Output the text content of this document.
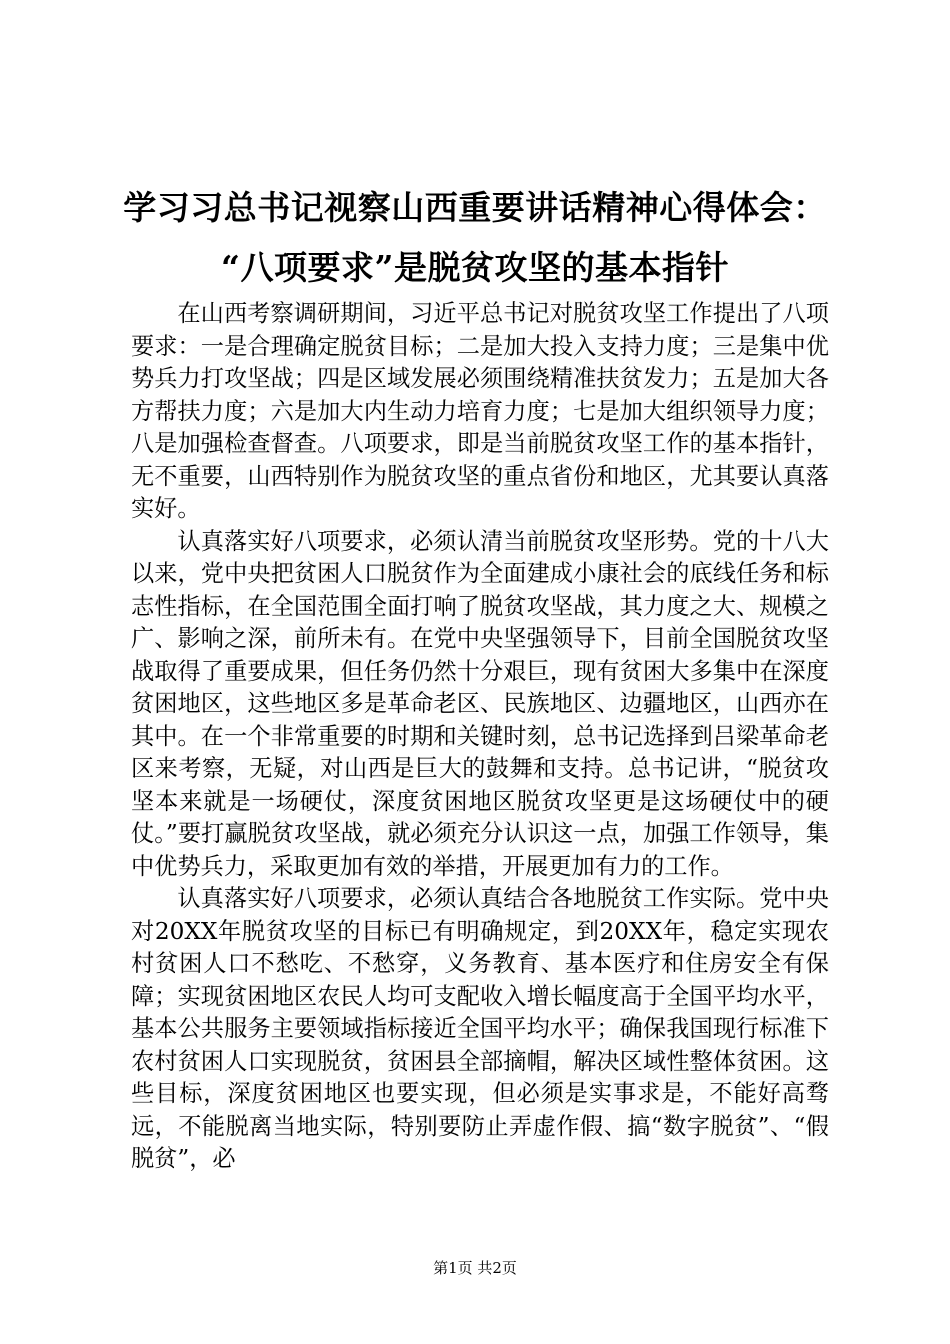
学习习总书记视察山西重要讲话精神心得体会：
“八项要求”是脱贫攻坚的基本指针

在山西考察调研期间，习近平总书记对脱贫攻坚工作提出了八项要求：一是合理确定脱贫目标；二是加大投入支持力度；三是集中优势兵力打攻坚战；四是区域发展必须围绕精准扶贫发力；五是加大各方帮扶力度；六是加大内生动力培育力度；七是加大组织领导力度；八是加强检查督查。八项要求，即是当前脱贫攻坚工作的基本指针，无不重要，山西特别作为脱贫攻坚的重点省份和地区，尤其要认真落实好。

认真落实好八项要求，必须认清当前脱贫攻坚形势。党的十八大以来，党中央把贫困人口脱贫作为全面建成小康社会的底线任务和标志性指标，在全国范围全面打响了脱贫攻坚战，其力度之大、规模之广、影响之深，前所未有。在党中央坚强领导下，目前全国脱贫攻坚战取得了重要成果，但任务仍然十分艰巨，现有贫困大多集中在深度贫困地区，这些地区多是革命老区、民族地区、边疆地区，山西亦在其中。在一个非常重要的时期和关键时刻，总书记选择到吕梁革命老区来考察，无疑，对山西是巨大的鼓舞和支持。总书记讲，“脱贫攻坚本来就是一场硬仗，深度贫困地区脱贫攻坚更是这场硬仗中的硬仗。”要打赢脱贫攻坚战，就必须充分认识这一点，加强工作领导，集中优势兵力，采取更加有效的举措，开展更加有力的工作。

认真落实好八项要求，必须认真结合各地脱贫工作实际。党中央对20XX年脱贫攻坚的目标已有明确规定，到20XX年，稳定实现农村贫困人口不愁吃、不愁穿，义务教育、基本医疗和住房安全有保障；实现贫困地区农民人均可支配收入增长幅度高于全国平均水平，基本公共服务主要领域指标接近全国平均水平；确保我国现行标准下农村贫困人口实现脱贫，贫困县全部摘帽，解决区域性整体贫困。这些目标，深度贫困地区也要实现，但必须是实事求是，不能好高骛远，不能脱离当地实际，特别要防止弄虚作假、搞“数字脱贫”、“假脱贫”，必

第1页 共2页
